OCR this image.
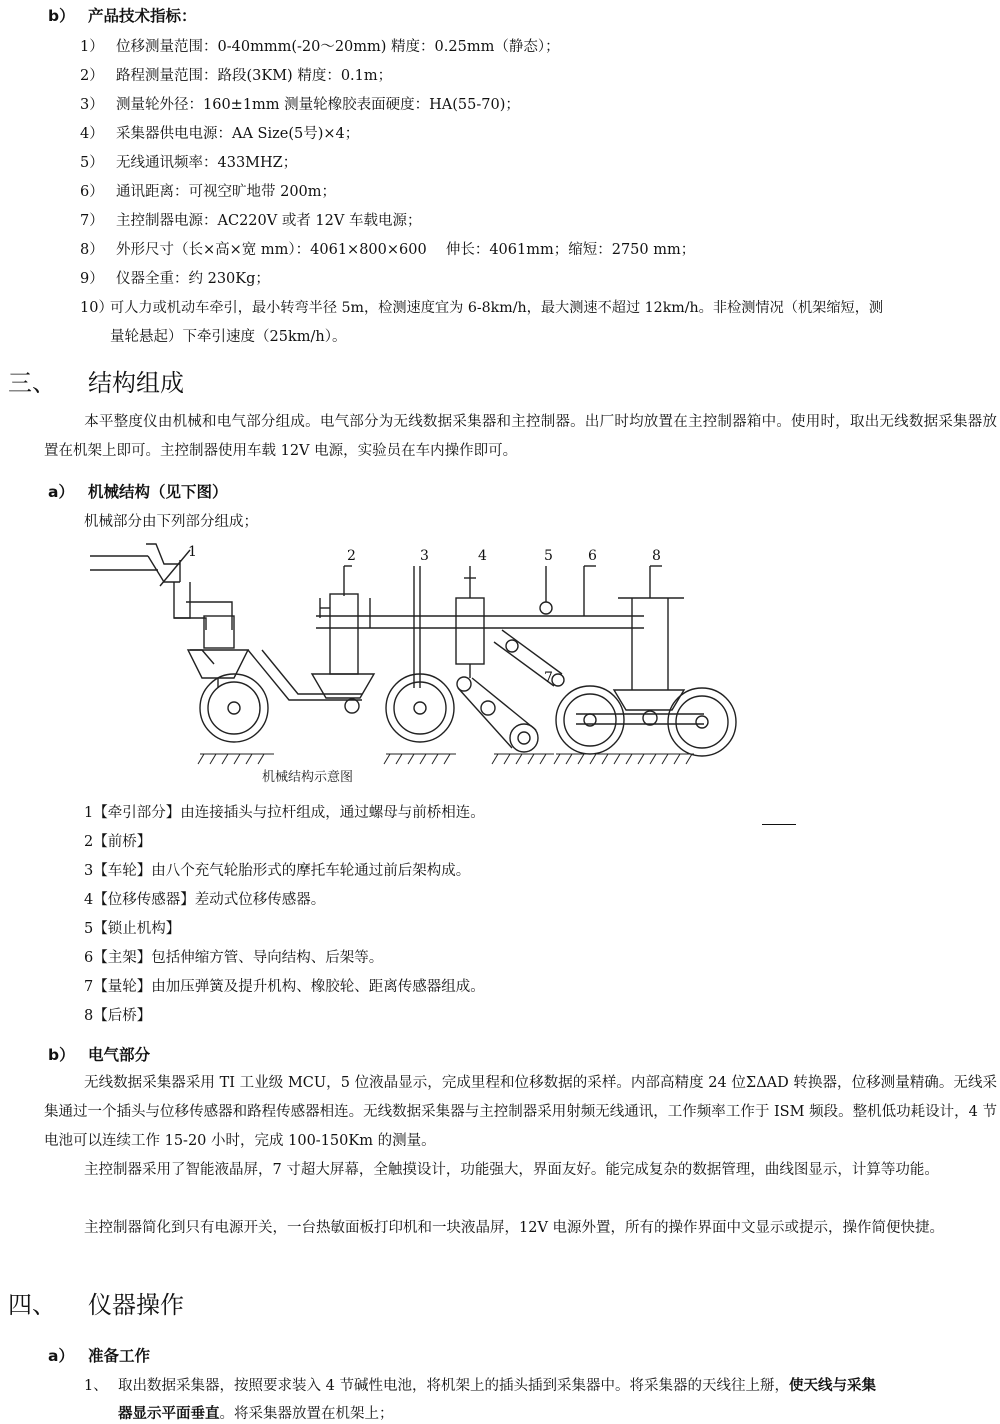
b） 产品技术指标：
1） 位移测量范围：0-40mmm(-20～20mm) 精度：0.25mm（静态）；
2） 路程测量范围：路段(3KM) 精度：0.1m；
3） 测量轮外径：160±1mm 测量轮橡胶表面硬度：HA(55-70)；
4） 采集器供电电源：AA Size(5号)×4；
5） 无线通讯频率：433MHZ；
6） 通讯距离：可视空旷地带 200m；
7） 主控制器电源：AC220V 或者 12V 车载电源；
8） 外形尺寸（长×高×宽 mm）：4061×800×600　 伸长：4061mm；缩短：2750 mm；
9） 仪器全重：约 230Kg；
10）可人力或机动车牵引，最小转弯半径 5m，检测速度宜为 6-8km/h，最大测速不超过 12km/h。非检测情况（机架缩短，测
量轮悬起）下牵引速度（25km/h）。
三、 结构组成
本平整度仪由机械和电气部分组成。电气部分为无线数据采集器和主控制器。出厂时均放置在主控制器箱中。使用时，取出无线数据采集器放置在机架上即可。主控制器使用车载 12V 电源，实验员在车内操作即可。
a） 机械结构（见下图）
机械部分由下列部分组成；
1	2	3	4
7
5	6	8
机械结构示意图
1【牵引部分】由连接插头与拉杆组成，通过螺母与前桥相连。
2【前桥】
3【车轮】由八个充气轮胎形式的摩托车轮通过前后架构成。
4【位移传感器】差动式位移传感器。
5【锁止机构】
6【主架】包括伸缩方管、导向结构、后架等。
7【量轮】由加压弹簧及提升机构、橡胶轮、距离传感器组成。
8【后桥】
b） 电气部分
无线数据采集器采用 TI 工业级 MCU，5 位液晶显示，完成里程和位移数据的采样。内部高精度 24 位ΣΔAD 转换器，位移测量精确。无线采集通过一个插头与位移传感器和路程传感器相连。无线数据采集器与主控制器采用射频无线通讯，工作频率工作于 ISM 频段。整机低功耗设计，4 节电池可以连续工作 15-20 小时，完成 100-150Km 的测量。
主控制器采用了智能液晶屏，7 寸超大屏幕，全触摸设计，功能强大，界面友好。能完成复杂的数据管理，曲线图显示，计算等功能。
主控制器简化到只有电源开关，一台热敏面板打印机和一块液晶屏，12V 电源外置，所有的操作界面中文显示或提示，操作简便快捷。
四、 仪器操作
a） 准备工作
1、 取出数据采集器，按照要求装入 4 节碱性电池，将机架上的插头插到采集器中。将采集器的天线往上掰，使天线与采集
器显示平面垂直。将采集器放置在机架上；
